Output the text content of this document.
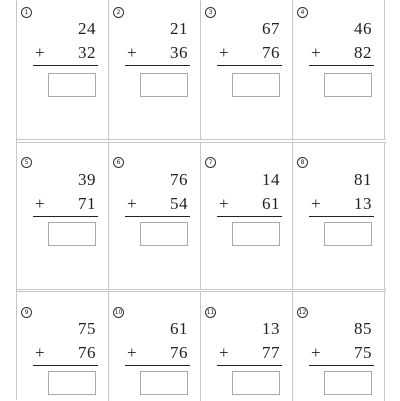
1
24
+ 32
2
21
+ 36
3
67
+ 76
4
46
+ 82
5
39
+ 71
6
76
+ 54
7
14
+ 61
8
81
+ 13
9
75
+ 76
10
61
+ 76
11
13
+ 77
12
85
+ 75
